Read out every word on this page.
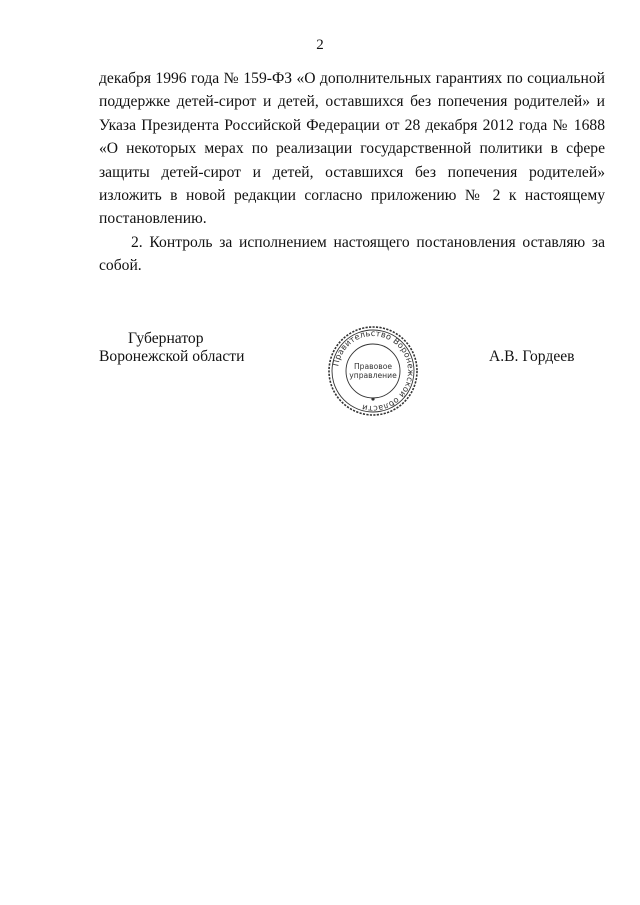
2

декабря 1996 года № 159-ФЗ «О дополнительных гарантиях по социальной поддержке детей-сирот и детей, оставшихся без попечения родителей» и Указа Президента Российской Федерации от 28 декабря 2012 года № 1688 «О некоторых мерах по реализации государственной политики в сфере защиты детей-сирот и детей, оставшихся без попечения родителей» изложить в новой редакции согласно приложению № 2 к настоящему постановлению.

2. Контроль за исполнением настоящего постановления оставляю за собой.

Губернатор
Воронежской области	Правительство Воронежской области
Правовое
управление
А.В. Гордеев
